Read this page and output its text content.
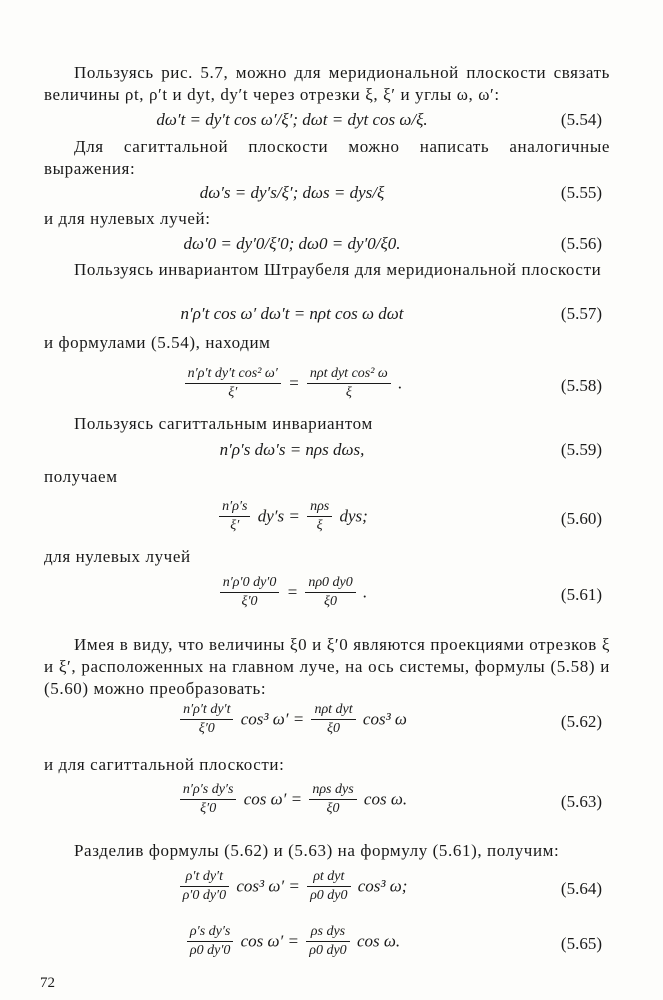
Пользуясь рис. 5.7, можно для меридиональной плоскости связать величины ρt, ρ′t и dyt, dy′t через отрезки ξ, ξ′ и углы ω, ω′:

dω′t = dy′t cos ω′/ξ′; dωt = dyt cos ω/ξ.	(5.54)

Для сагиттальной плоскости можно написать аналогичные выражения:

dω′s = dy′s/ξ′; dωs = dys/ξ	(5.55)

и для нулевых лучей:

dω′0 = dy′0/ξ′0; dω0 = dy′0/ξ0.	(5.56)

Пользуясь инвариантом Штраубеля для меридиональной плоскости

n′ρ′t cos ω′ dω′t = nρt cos ω dωt	(5.57)

и формулами (5.54), находим

$\frac{\text{n′ρ′t dy′t cos² ω′}}{\xi'} = \frac{\text{nρt dyt cos² ω}}{\xi}$ .	(5.58)

Пользуясь сагиттальным инвариантом

n′ρ′s dω′s = nρs dωs,	(5.59)

получаем

$\frac{n'\rho's}{\xi'} dy's = \frac{\text{nρs}}{\xi}$ dys;	(5.60)

для нулевых лучей

$\frac{n'\rho'0 dy'0}{\xi'0} = \frac{n\rho 0 dy0}{\xi 0}$ .	(5.61)

Имея в виду, что величины ξ0 и ξ′0 являются проекциями отрезков ξ и ξ′, расположенных на главном луче, на ось системы, формулы (5.58) и (5.60) можно преобразовать:

$\frac{\text{n′ρ′t dy′t}}{\xi'0} \cos^3$ $\omega' = \frac{\text{nρt dyt}}{\xi 0} \cos^3$ ω	(5.62)

и для сагиттальной плоскости:

$\frac{\text{n′ρ′s dy′s}}{\xi'0}$ $\cos \omega' = \frac{\text{nρs dys}}{\xi 0}$ cos ω.	(5.63)

Разделив формулы (5.62) и (5.63) на формулу (5.61), получим:

$\frac{\text{ρ′t dy′t}}{\rho'0 dy'0} \cos^3$ $\omega' = \frac{\text{ρt dyt}}{\rho 0 dy0} \cos^3$ ω;	(5.64)
$\frac{\text{ρ′s dy′s}}{\rho 0 dy'0}$ $\cos \omega' = \frac{\text{ρs dys}}{\rho 0 dy0}$ cos ω.	(5.65)
72
